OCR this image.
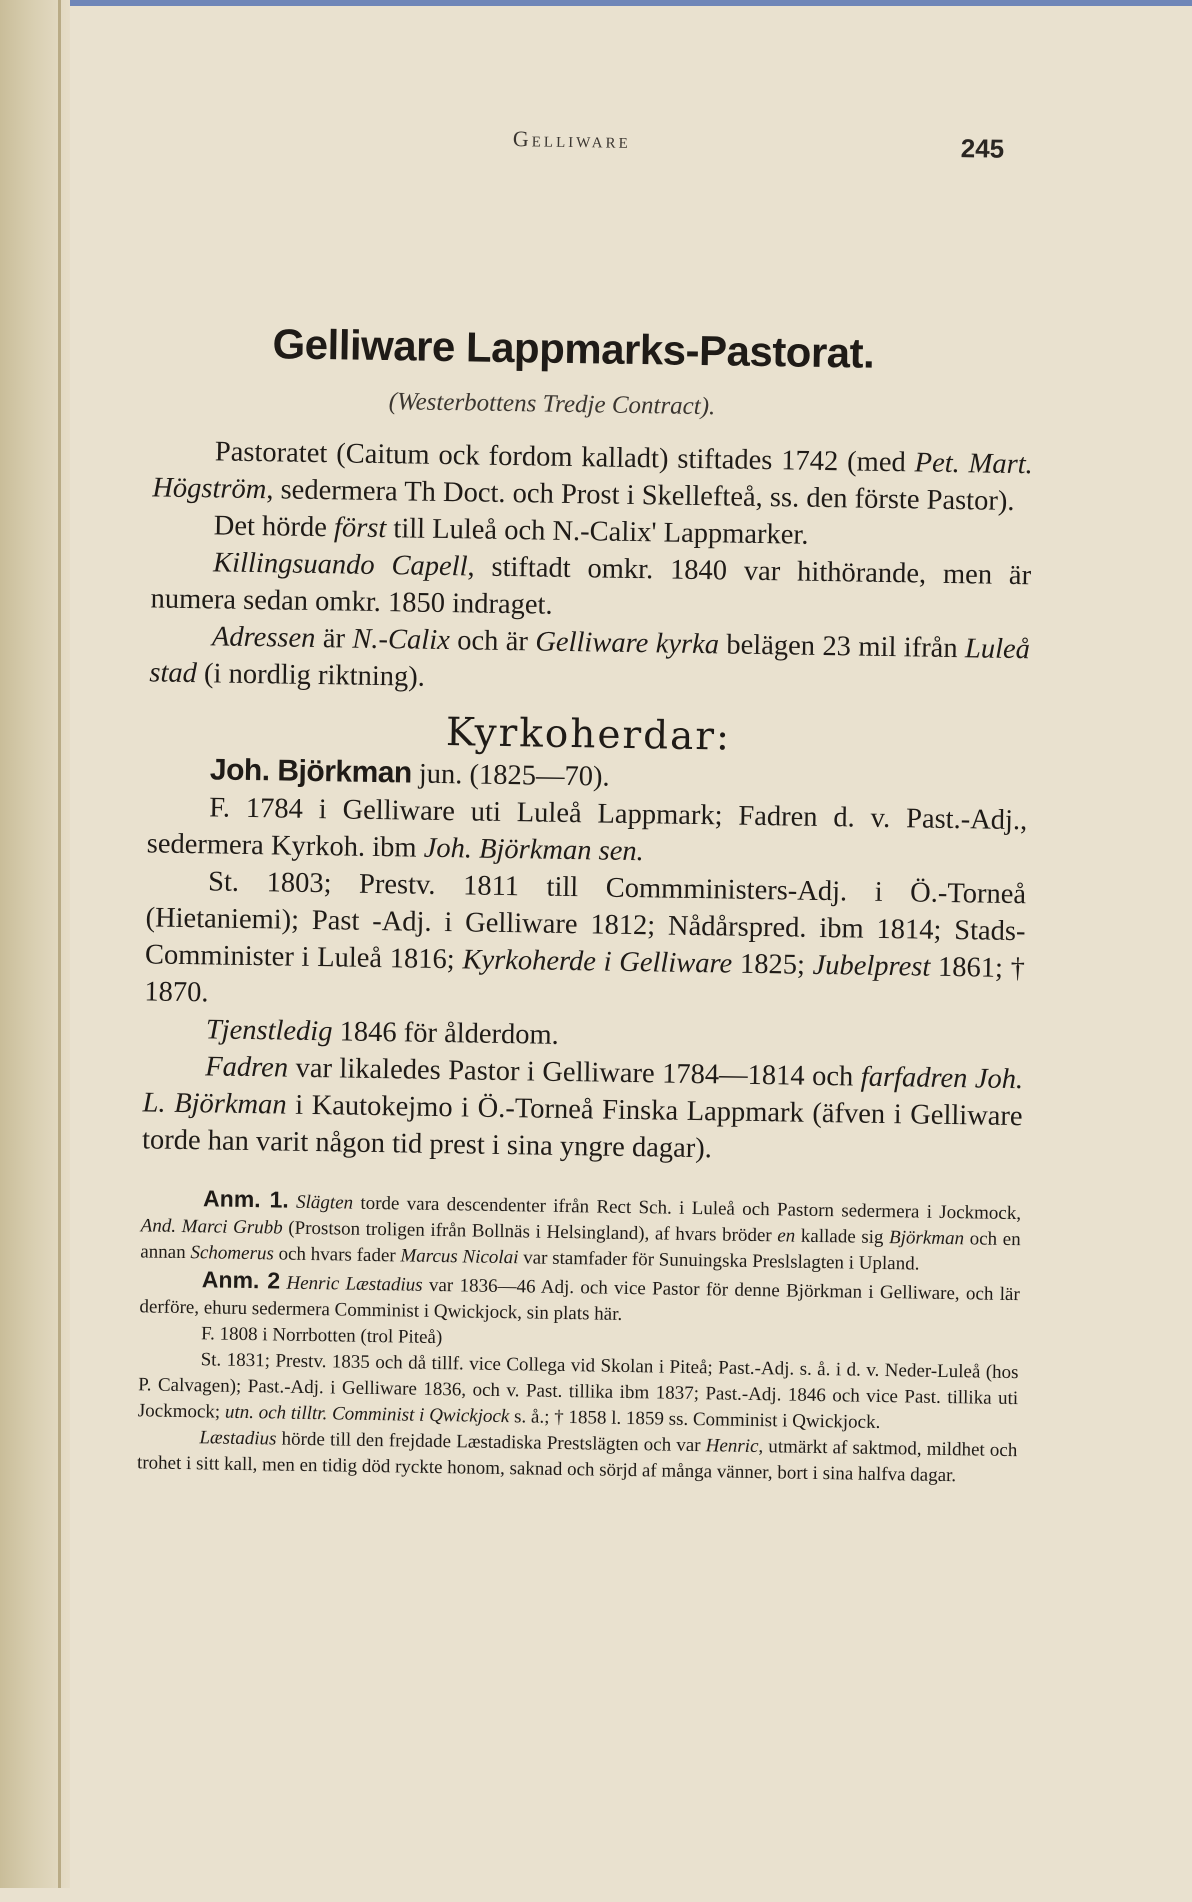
Gelliware	245
Gelliware Lappmarks-Pastorat.
(Westerbottens Tredje Contract).

Pastoratet (Caitum ock fordom kalladt) stiftades 1742 (med Pet. Mart. Högström, sedermera Th Doct. och Prost i Skellefteå, ss. den förste Pastor).

Det hörde först till Luleå och N.-Calix' Lappmarker.

Killingsuando Capell, stiftadt omkr. 1840 var hithörande, men är numera sedan omkr. 1850 indraget.

Adressen är N.-Calix och är Gelliware kyrka belägen 23 mil ifrån Luleå stad (i nordlig riktning).

Kyrkoherdar:

Joh. Björkman jun. (1825—70).

F. 1784 i Gelliware uti Luleå Lappmark; Fadren d. v. Past.-Adj., sedermera Kyrkoh. ibm Joh. Björkman sen.

St. 1803; Prestv. 1811 till Commministers-Adj. i Ö.-Torneå (Hietaniemi); Past -Adj. i Gelliware 1812; Nådårspred. ibm 1814; Stads-Comminister i Luleå 1816; Kyrkoherde i Gelliware 1825; Jubelprest 1861; † 1870.

Tjenstledig 1846 för ålderdom.

Fadren var likaledes Pastor i Gelliware 1784—1814 och farfadren Joh. L. Björkman i Kautokejmo i Ö.-Torneå Finska Lappmark (äfven i Gelliware torde han varit någon tid prest i sina yngre dagar).

Anm. 1. Slägten torde vara descendenter ifrån Rect Sch. i Luleå och Pastorn sedermera i Jockmock, And. Marci Grubb (Prostson troligen ifrån Bollnäs i Helsingland), af hvars bröder en kallade sig Björkman och en annan Schomerus och hvars fader Marcus Nicolai var stamfader för Sunuingska Preslslagten i Upland.

Anm. 2 Henric Læstadius var 1836—46 Adj. och vice Pastor för denne Björkman i Gelliware, och lär derföre, ehuru sedermera Comminist i Qwickjock, sin plats här.

F. 1808 i Norrbotten (trol Piteå)

St. 1831; Prestv. 1835 och då tillf. vice Collega vid Skolan i Piteå; Past.-Adj. s. å. i d. v. Neder-Luleå (hos P. Calvagen); Past.-Adj. i Gelliware 1836, och v. Past. tillika ibm 1837; Past.-Adj. 1846 och vice Past. tillika uti Jockmock; utn. och tilltr. Comminist i Qwickjock s. å.; † 1858 l. 1859 ss. Comminist i Qwickjock.

Læstadius hörde till den frejdade Læstadiska Prestslägten och var Henric, utmärkt af saktmod, mildhet och trohet i sitt kall, men en tidig död ryckte honom, saknad och sörjd af många vänner, bort i sina halfva dagar.
